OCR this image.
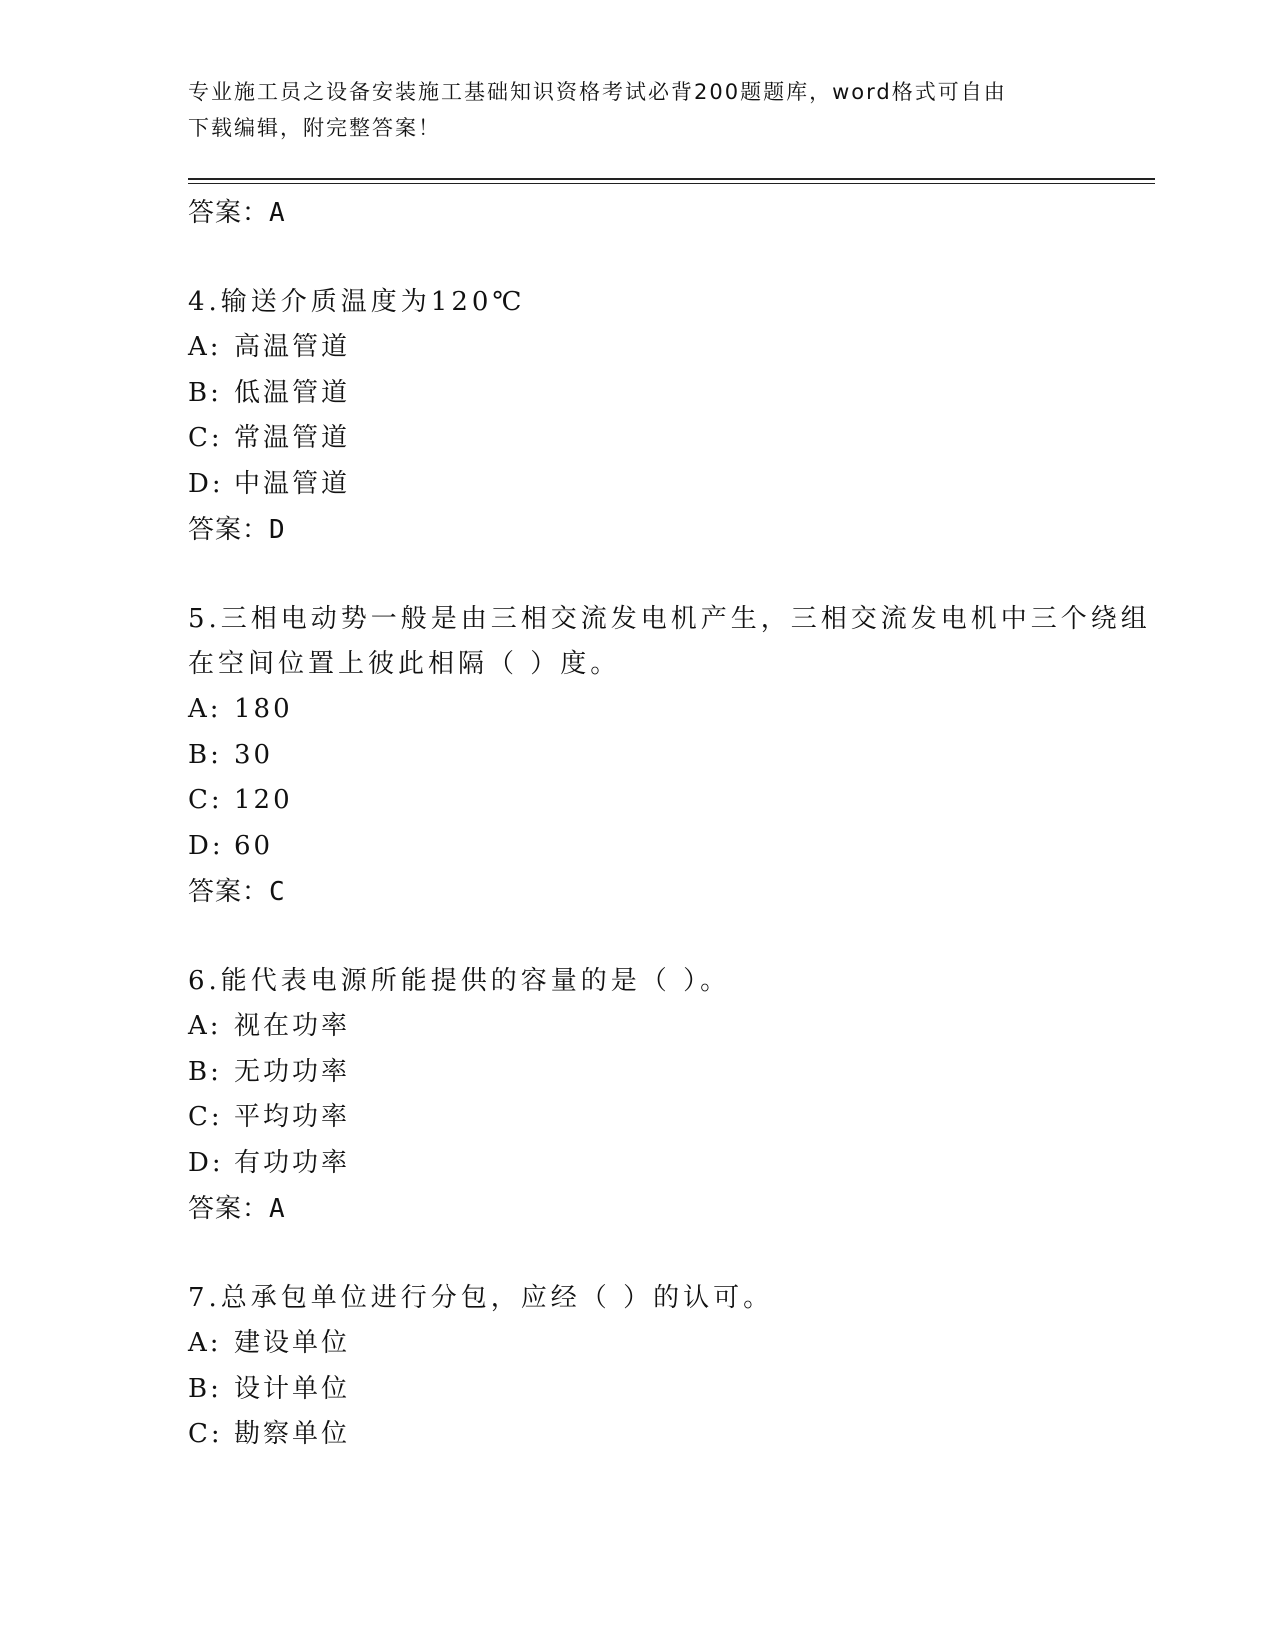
专业施工员之设备安装施工基础知识资格考试必背200题题库，word格式可自由
下载编辑，附完整答案！
答案：A
4.输送介质温度为120℃
A: 高温管道
B: 低温管道
C: 常温管道
D: 中温管道
答案：D
5.三相电动势一般是由三相交流发电机产生，三相交流发电机中三个绕组在空间位置上彼此相隔（ ）度。
A: 180
B: 30
C: 120
D: 60
答案：C
6.能代表电源所能提供的容量的是（ ）。
A: 视在功率
B: 无功功率
C: 平均功率
D: 有功功率
答案：A
7.总承包单位进行分包，应经（ ）的认可。
A: 建设单位
B: 设计单位
C: 勘察单位
